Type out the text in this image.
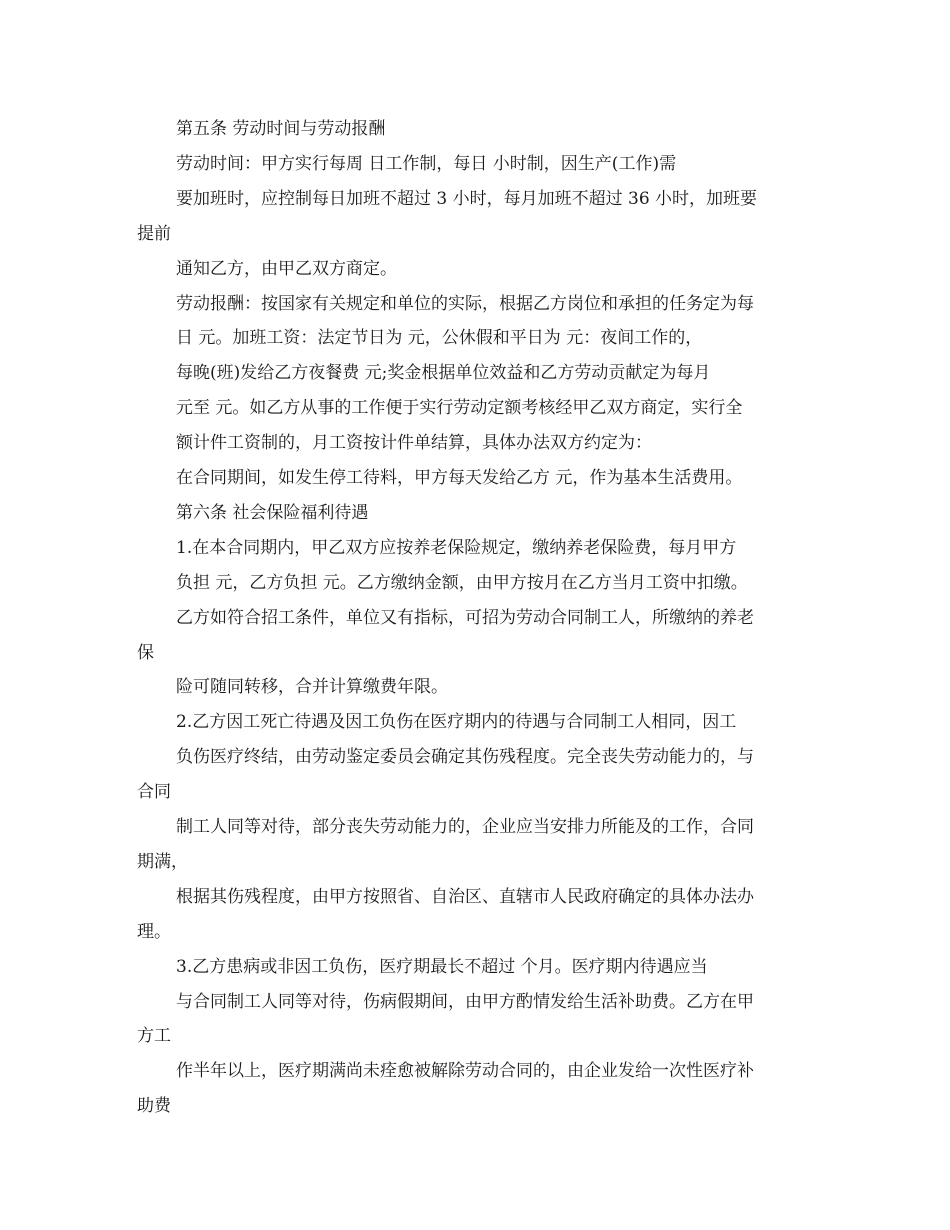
第五条 劳动时间与劳动报酬
劳动时间：甲方实行每周 日工作制，每日 小时制，因生产(工作)需
要加班时，应控制每日加班不超过 3 小时，每月加班不超过 36 小时，加班要
提前
通知乙方，由甲乙双方商定。
劳动报酬：按国家有关规定和单位的实际，根据乙方岗位和承担的任务定为每
日 元。加班工资：法定节日为 元，公休假和平日为 元：夜间工作的，
每晚(班)发给乙方夜餐费 元;奖金根据单位效益和乙方劳动贡献定为每月
元至 元。如乙方从事的工作便于实行劳动定额考核经甲乙双方商定，实行全
额计件工资制的，月工资按计件单结算，具体办法双方约定为：
在合同期间，如发生停工待料，甲方每天发给乙方 元，作为基本生活费用。
第六条 社会保险福利待遇
1.在本合同期内，甲乙双方应按养老保险规定，缴纳养老保险费，每月甲方
负担 元，乙方负担 元。乙方缴纳金额，由甲方按月在乙方当月工资中扣缴。
乙方如符合招工条件，单位又有指标，可招为劳动合同制工人，所缴纳的养老
保
险可随同转移，合并计算缴费年限。
2.乙方因工死亡待遇及因工负伤在医疗期内的待遇与合同制工人相同，因工
负伤医疗终结，由劳动鉴定委员会确定其伤残程度。完全丧失劳动能力的，与
合同
制工人同等对待，部分丧失劳动能力的，企业应当安排力所能及的工作，合同
期满，
根据其伤残程度，由甲方按照省、自治区、直辖市人民政府确定的具体办法办
理。
3.乙方患病或非因工负伤，医疗期最长不超过 个月。医疗期内待遇应当
与合同制工人同等对待，伤病假期间，由甲方酌情发给生活补助费。乙方在甲
方工
作半年以上，医疗期满尚未痊愈被解除劳动合同的，由企业发给一次性医疗补
助费
